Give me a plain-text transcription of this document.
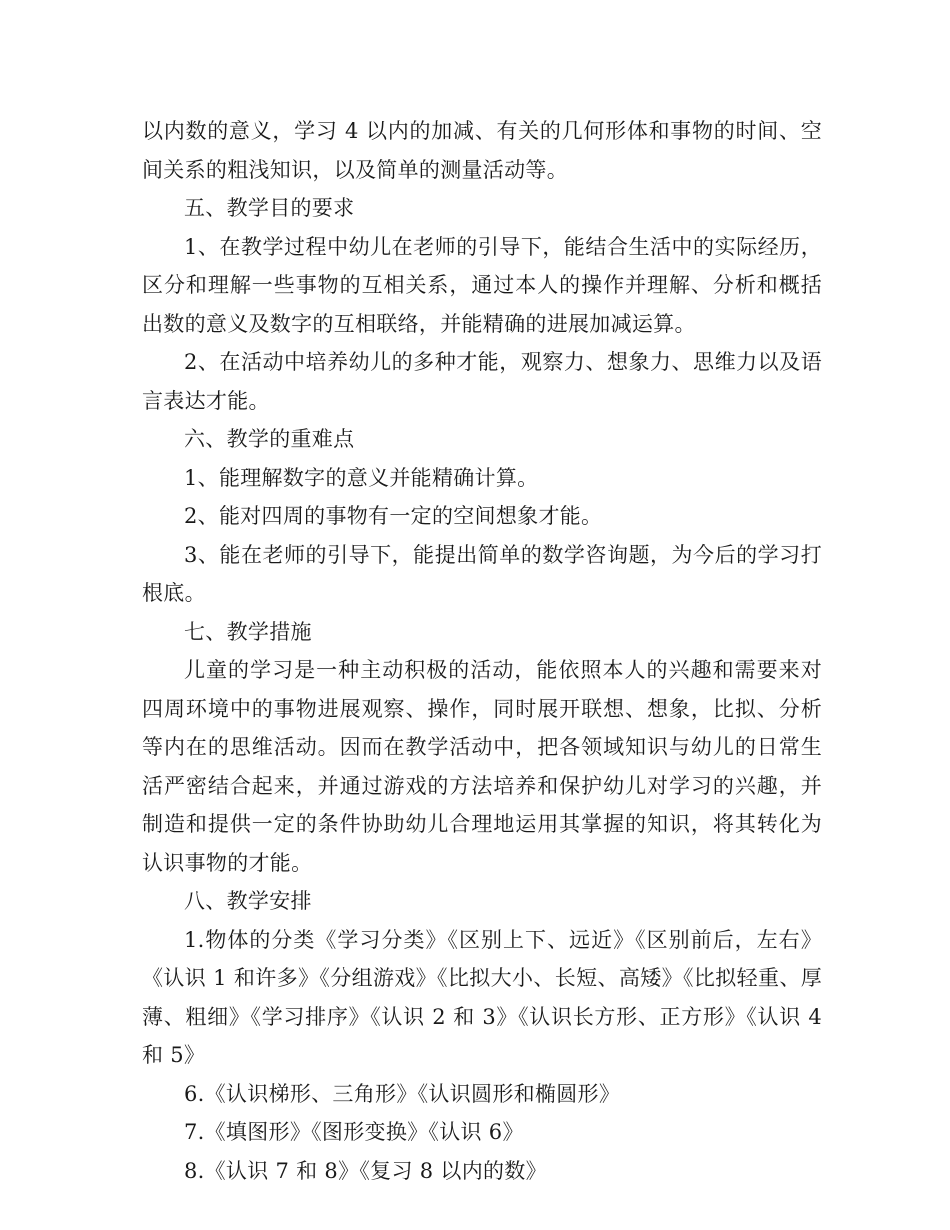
以内数的意义，学习 4 以内的加减、有关的几何形体和事物的时间、空间关系的粗浅知识，以及简单的测量活动等。

五、教学目的要求

1、在教学过程中幼儿在老师的引导下，能结合生活中的实际经历，区分和理解一些事物的互相关系，通过本人的操作并理解、分析和概括出数的意义及数字的互相联络，并能精确的进展加减运算。

2、在活动中培养幼儿的多种才能，观察力、想象力、思维力以及语言表达才能。

六、教学的重难点

1、能理解数字的意义并能精确计算。

2、能对四周的事物有一定的空间想象才能。

3、能在老师的引导下，能提出简单的数学咨询题，为今后的学习打根底。

七、教学措施

儿童的学习是一种主动积极的活动，能依照本人的兴趣和需要来对四周环境中的事物进展观察、操作，同时展开联想、想象，比拟、分析等内在的思维活动。因而在教学活动中，把各领域知识与幼儿的日常生活严密结合起来，并通过游戏的方法培养和保护幼儿对学习的兴趣，并制造和提供一定的条件协助幼儿合理地运用其掌握的知识，将其转化为认识事物的才能。

八、教学安排

1.物体的分类《学习分类》《区别上下、远近》《区别前后，左右》《认识 1 和许多》《分组游戏》《比拟大小、长短、高矮》《比拟轻重、厚薄、粗细》《学习排序》《认识 2 和 3》《认识长方形、正方形》《认识 4 和 5》

6.《认识梯形、三角形》《认识圆形和椭圆形》

7.《填图形》《图形变换》《认识 6》

8.《认识 7 和 8》《复习 8 以内的数》
